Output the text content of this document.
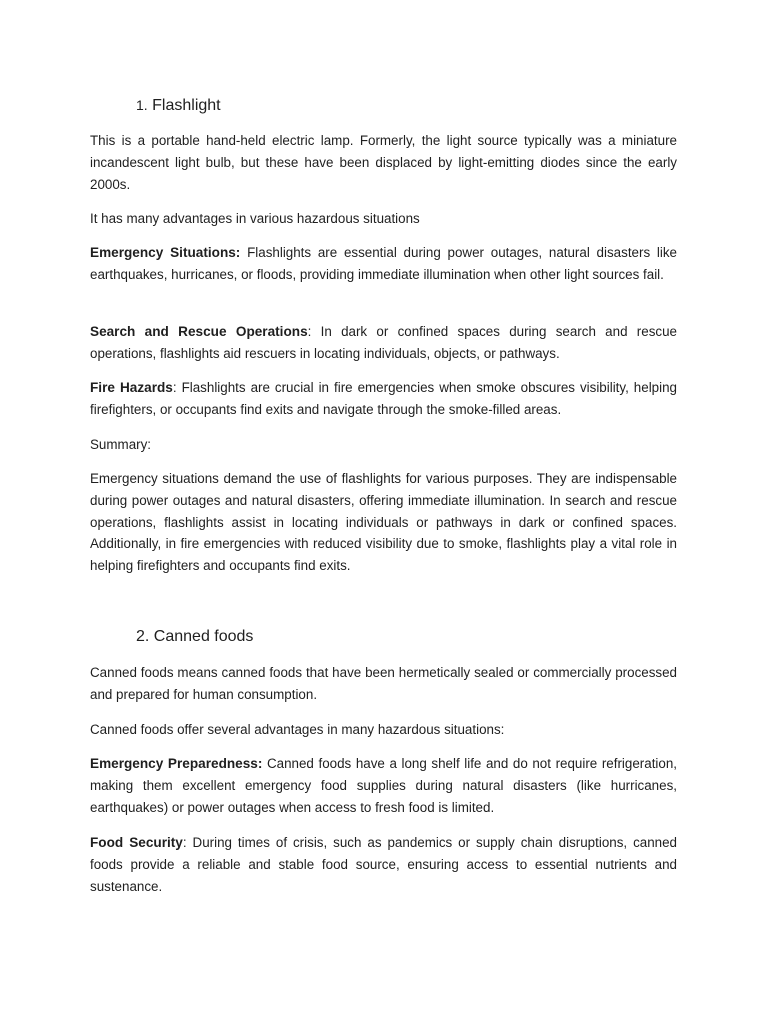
1. Flashlight

This is a portable hand-held electric lamp. Formerly, the light source typically was a miniature incandescent light bulb, but these have been displaced by light-emitting diodes since the early 2000s.

It has many advantages in various hazardous situations

Emergency Situations: Flashlights are essential during power outages, natural disasters like earthquakes, hurricanes, or floods, providing immediate illumination when other light sources fail.

Search and Rescue Operations: In dark or confined spaces during search and rescue operations, flashlights aid rescuers in locating individuals, objects, or pathways.

Fire Hazards: Flashlights are crucial in fire emergencies when smoke obscures visibility, helping firefighters, or occupants find exits and navigate through the smoke-filled areas.

Summary:

Emergency situations demand the use of flashlights for various purposes. They are indispensable during power outages and natural disasters, offering immediate illumination. In search and rescue operations, flashlights assist in locating individuals or pathways in dark or confined spaces. Additionally, in fire emergencies with reduced visibility due to smoke, flashlights play a vital role in helping firefighters and occupants find exits.

2. Canned foods

Canned foods means canned foods that have been hermetically sealed or commercially processed and prepared for human consumption.

Canned foods offer several advantages in many hazardous situations:

Emergency Preparedness: Canned foods have a long shelf life and do not require refrigeration, making them excellent emergency food supplies during natural disasters (like hurricanes, earthquakes) or power outages when access to fresh food is limited.

Food Security: During times of crisis, such as pandemics or supply chain disruptions, canned foods provide a reliable and stable food source, ensuring access to essential nutrients and sustenance.
